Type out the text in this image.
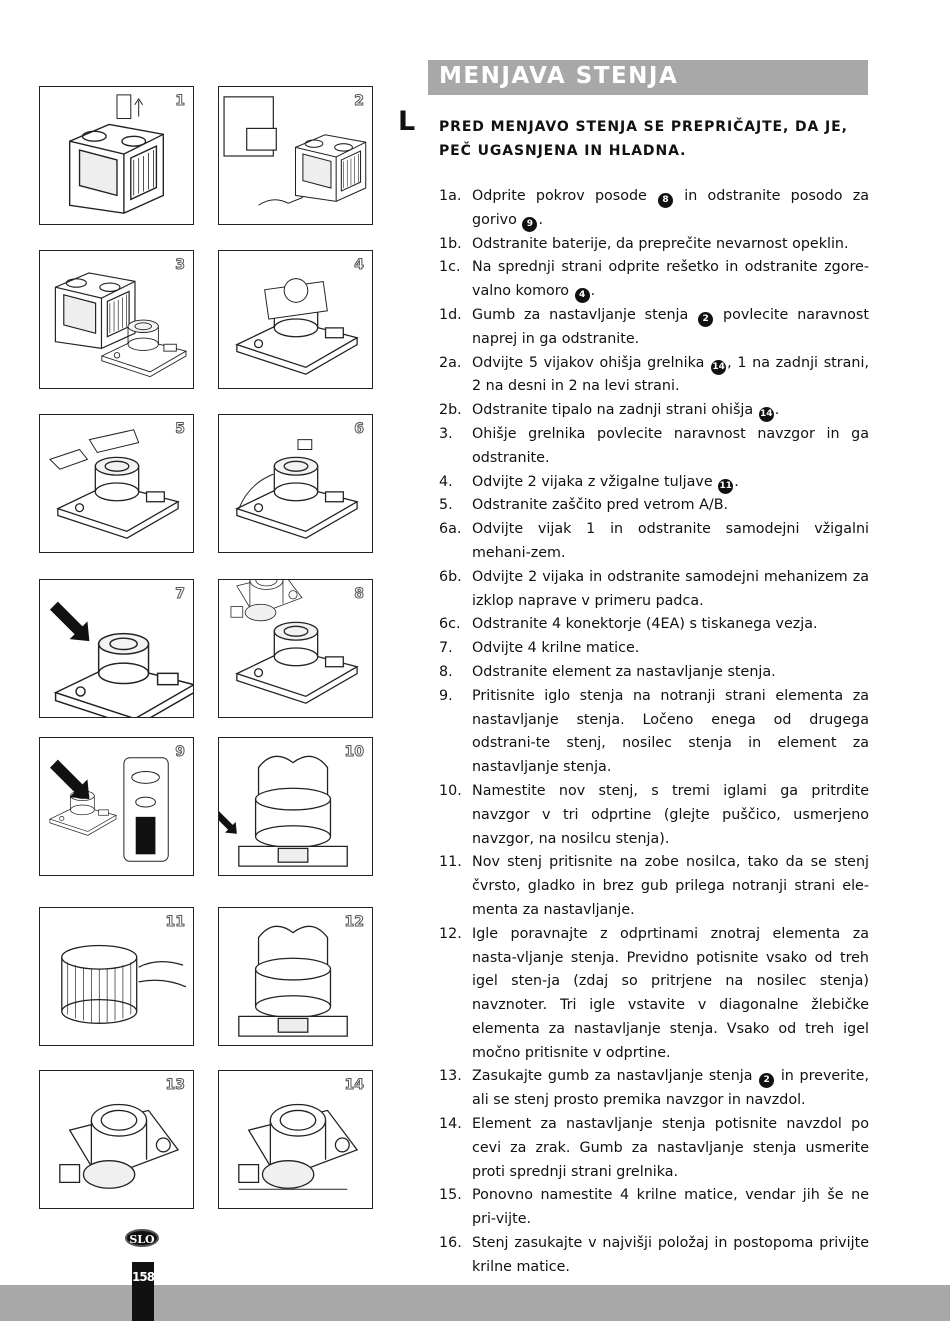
MENJAVA STENJA
L PRED MENJAVO STENJA SE PREPRIČAJTE, DA JE,
PEČ UGASNJENA IN HLADNA.
1	2
3	4
5	6
7	8
9	10
11	12
13	14
1a. Odprite pokrov posode 8 in odstranite posodo za gorivo 9 .
1b. Odstranite baterije, da preprečite nevarnost opeklin.
1c. Na sprednji strani odprite rešetko in odstranite zgore-valno komoro 4 .
1d. Gumb za nastavljanje stenja 2 povlecite naravnost naprej in ga odstranite.
2a. Odvijte 5 vijakov ohišja grelnika 14 , 1 na zadnji strani, 2 na desni in 2 na levi strani.
2b. Odstranite tipalo na zadnji strani ohišja 14 .
3. Ohišje grelnika povlecite naravnost navzgor in ga odstranite.
4. Odvijte 2 vijaka z vžigalne tuljave 11 .
5. Odstranite zaščito pred vetrom A/B.
6a. Odvijte vijak 1 in odstranite samodejni vžigalni mehani-zem.
6b. Odvijte 2 vijaka in odstranite samodejni mehanizem za izklop naprave v primeru padca.
6c. Odstranite 4 konektorje (4EA) s tiskanega vezja.
7. Odvijte 4 krilne matice.
8. Odstranite element za nastavljanje stenja.
9. Pritisnite iglo stenja na notranji strani elementa za nastavljanje stenja. Ločeno enega od drugega odstrani-te stenj, nosilec stenja in element za nastavljanje stenja.
10. Namestite nov stenj, s tremi iglami ga pritrdite navzgor v tri odprtine (glejte puščico, usmerjeno navzgor, na nosilcu stenja).
11. Nov stenj pritisnite na zobe nosilca, tako da se stenj čvrsto, gladko in brez gub prilega notranji strani ele-menta za nastavljanje.
12. Igle poravnajte z odprtinami znotraj elementa za nasta-vljanje stenja. Previdno potisnite vsako od treh igel sten-ja (zdaj so pritrjene na nosilec stenja) navznoter. Tri igle vstavite v diagonalne žlebičke elementa za nastavljanje stenja. Vsako od treh igel močno pritisnite v odprtine.
13. Zasukajte gumb za nastavljanje stenja 2 in preverite, ali se stenj prosto premika navzgor in navzdol.
14. Element za nastavljanje stenja potisnite navzdol po cevi za zrak. Gumb za nastavljanje stenja usmerite proti sprednji strani grelnika.
15. Ponovno namestite 4 krilne matice, vendar jih še ne pri-vijte.
16. Stenj zasukajte v najvišji položaj in postopoma privijte krilne matice.
SLO
158
